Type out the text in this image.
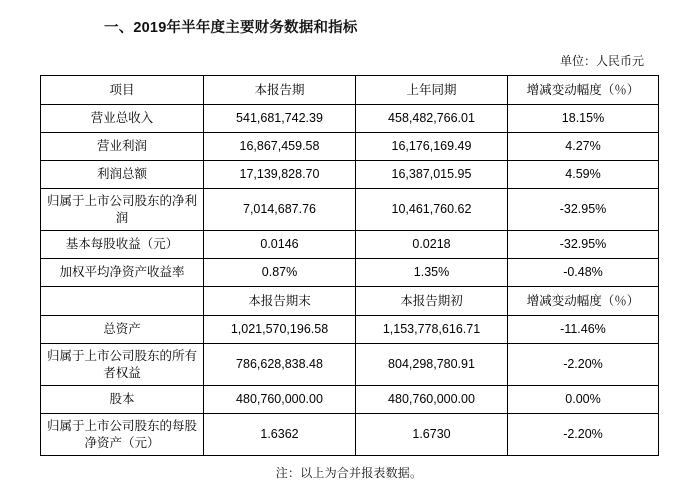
一、2019年半年度主要财务数据和指标
单位：人民币元
项目	本报告期	上年同期	增减变动幅度（％）
营业总收入	541,681,742.39	458,482,766.01	18.15%
营业利润	16,867,459.58	16,176,169.49	4.27%
利润总额	17,139,828.70	16,387,015.95	4.59%
归属于上市公司股东的净利润	7,014,687.76	10,461,760.62	-32.95%
基本每股收益（元）	0.0146	0.0218	-32.95%
加权平均净资产收益率	0.87%	1.35%	-0.48%
	本报告期末	本报告期初	增减变动幅度（％）
总资产	1,021,570,196.58	1,153,778,616.71	-11.46%
归属于上市公司股东的所有者权益	786,628,838.48	804,298,780.91	-2.20%
股本	480,760,000.00	480,760,000.00	0.00%
归属于上市公司股东的每股净资产（元）	1.6362	1.6730	-2.20%
注：以上为合并报表数据。
